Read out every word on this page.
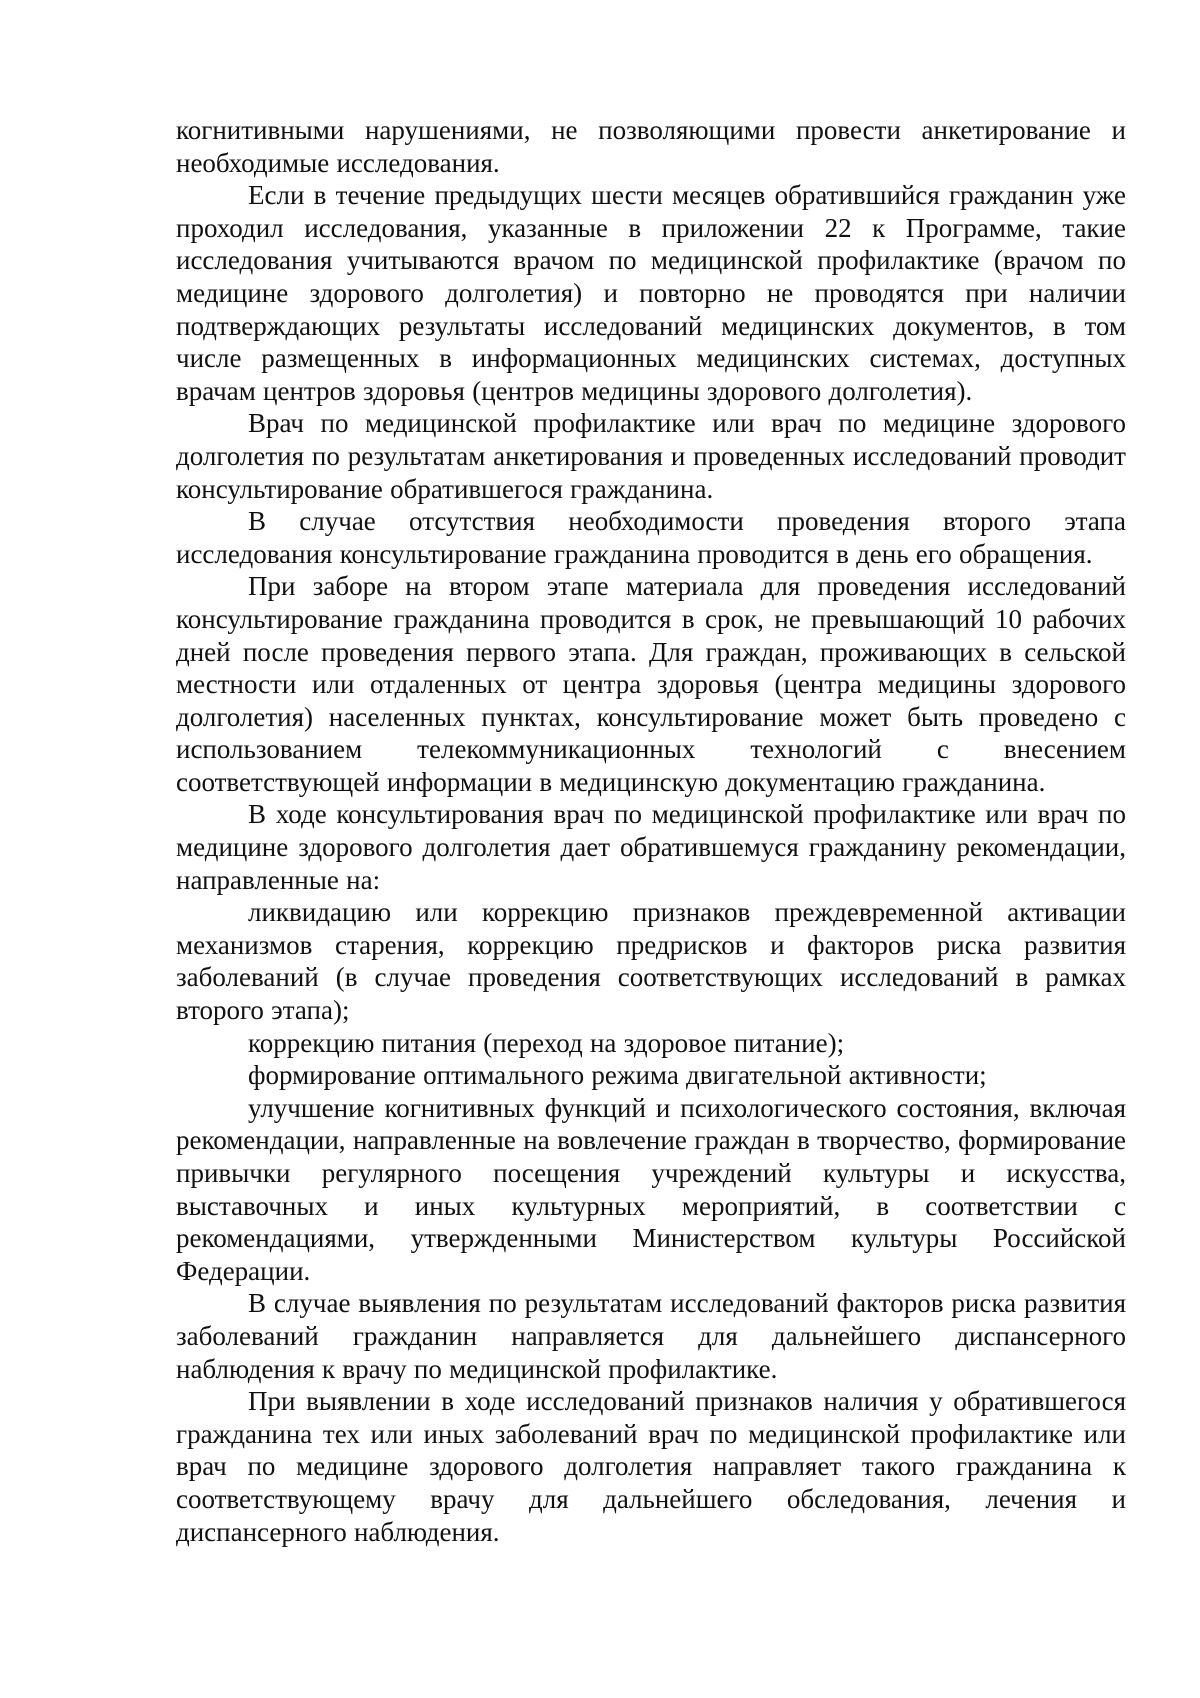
когнитивными нарушениями, не позволяющими провести анкетирование и необходимые исследования.

Если в течение предыдущих шести месяцев обратившийся гражданин уже проходил исследования, указанные в приложении 22 к Программе, такие исследования учитываются врачом по медицинской профилактике (врачом по медицине здорового долголетия) и повторно не проводятся при наличии подтверждающих результаты исследований медицинских документов, в том числе размещенных в информационных медицинских системах, доступных врачам центров здоровья (центров медицины здорового долголетия).

Врач по медицинской профилактике или врач по медицине здорового долголетия по результатам анкетирования и проведенных исследований проводит консультирование обратившегося гражданина.

В случае отсутствия необходимости проведения второго этапа исследования консультирование гражданина проводится в день его обращения.

При заборе на втором этапе материала для проведения исследований консультирование гражданина проводится в срок, не превышающий 10 рабочих дней после проведения первого этапа. Для граждан, проживающих в сельской местности или отдаленных от центра здоровья (центра медицины здорового долголетия) населенных пунктах, консультирование может быть проведено с использованием телекоммуникационных технологий с внесением соответствующей информации в медицинскую документацию гражданина.

В ходе консультирования врач по медицинской профилактике или врач по медицине здорового долголетия дает обратившемуся гражданину рекомендации, направленные на:

ликвидацию или коррекцию признаков преждевременной активации механизмов старения, коррекцию предрисков и факторов риска развития заболеваний (в случае проведения соответствующих исследований в рамках второго этапа);

коррекцию питания (переход на здоровое питание);

формирование оптимального режима двигательной активности;

улучшение когнитивных функций и психологического состояния, включая рекомендации, направленные на вовлечение граждан в творчество, формирование привычки регулярного посещения учреждений культуры и искусства, выставочных и иных культурных мероприятий, в соответствии с рекомендациями, утвержденными Министерством культуры Российской Федерации.

В случае выявления по результатам исследований факторов риска развития заболеваний гражданин направляется для дальнейшего диспансерного наблюдения к врачу по медицинской профилактике.

При выявлении в ходе исследований признаков наличия у обратившегося гражданина тех или иных заболеваний врач по медицинской профилактике или врач по медицине здорового долголетия направляет такого гражданина к соответствующему врачу для дальнейшего обследования, лечения и диспансерного наблюдения.
